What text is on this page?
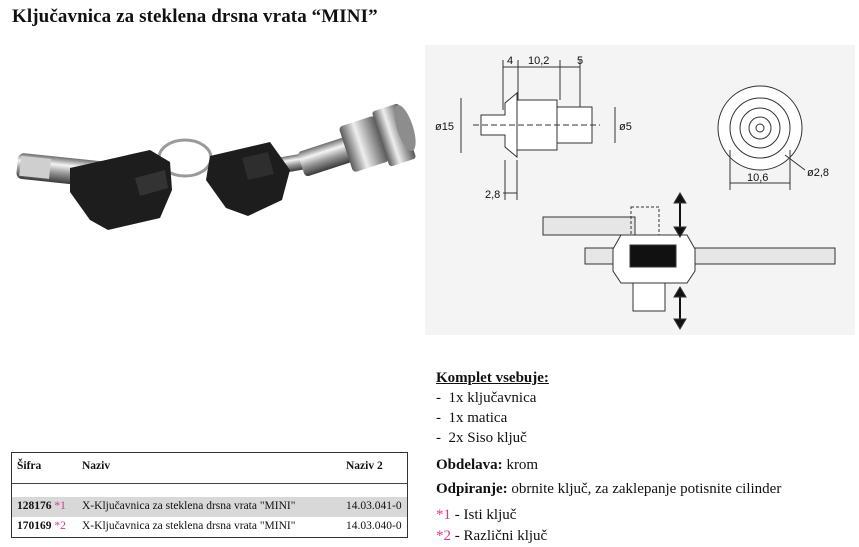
Ključavnica za steklena drsna vrata “MINI”
4 10,2	5
ø15	ø5
2,8
10,6	ø2,8
Komplet vsebuje:
- 1x ključavnica
- 1x matica
- 2x Siso ključ
Obdelava: krom
Odpiranje: obrnite ključ, za zaklepanje potisnite cilinder
*1 - Isti ključ
*2 - Različni ključ
Šifra	Naziv	Naziv 2
128176 *1 X-Ključavnica za steklena drsna vrata "MINI"	14.03.041-0
170169 *2 X-Ključavnica za steklena drsna vrata "MINI"	14.03.040-0
